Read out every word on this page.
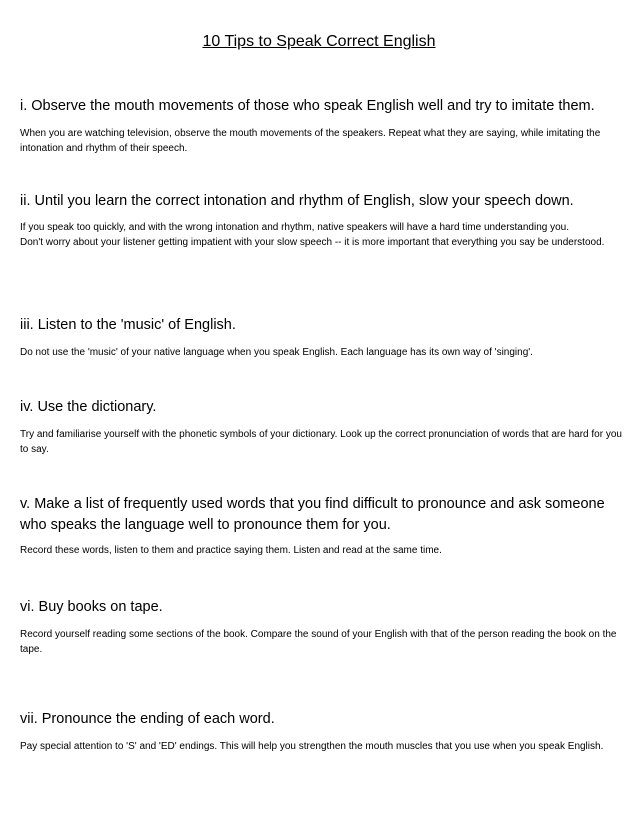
10 Tips to Speak Correct English
i. Observe the mouth movements of those who speak English well and try to imitate them.

When you are watching television, observe the mouth movements of the speakers. Repeat what they are saying, while imitating the intonation and rhythm of their speech.

ii. Until you learn the correct intonation and rhythm of English, slow your speech down.

If you speak too quickly, and with the wrong intonation and rhythm, native speakers will have a hard time understanding you.

Don't worry about your listener getting impatient with your slow speech -- it is more important that everything you say be understood.

iii. Listen to the 'music' of English.

Do not use the 'music' of your native language when you speak English. Each language has its own way of 'singing'.

iv. Use the dictionary.

Try and familiarise yourself with the phonetic symbols of your dictionary. Look up the correct pronunciation of words that are hard for you to say.

v. Make a list of frequently used words that you find difficult to pronounce and ask someone who speaks the language well to pronounce them for you.

Record these words, listen to them and practice saying them. Listen and read at the same time.

vi. Buy books on tape.

Record yourself reading some sections of the book. Compare the sound of your English with that of the person reading the book on the tape.

vii. Pronounce the ending of each word.

Pay special attention to 'S' and 'ED' endings. This will help you strengthen the mouth muscles that you use when you speak English.
